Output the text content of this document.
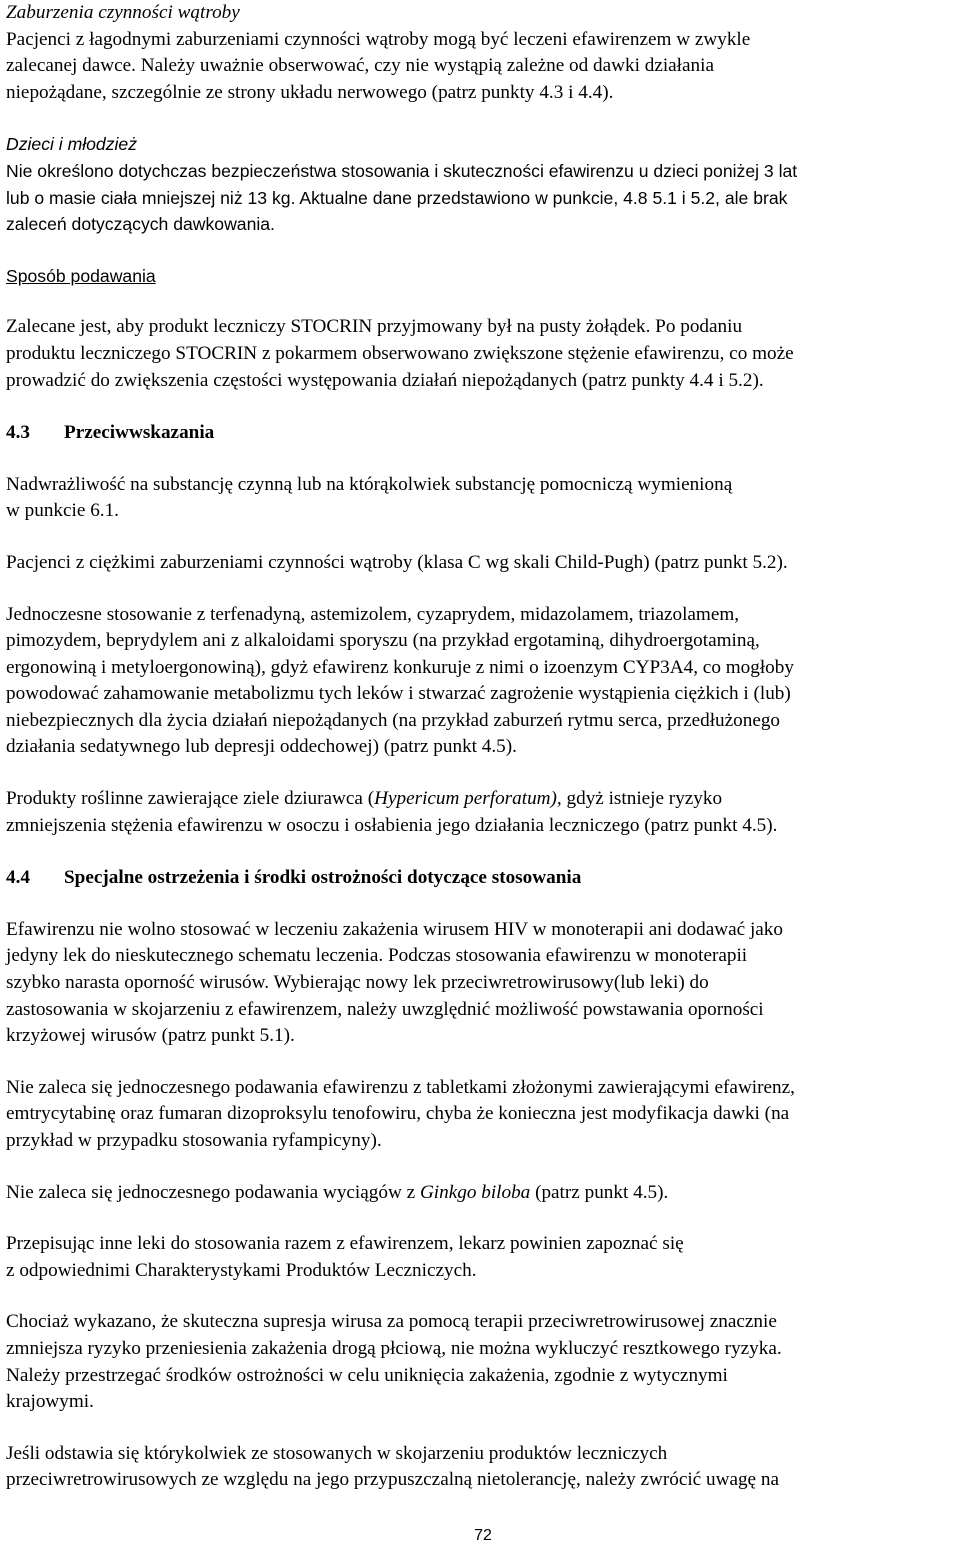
Zaburzenia czynności wątroby
Pacjenci z łagodnymi zaburzeniami czynności wątroby mogą być leczeni efawirenzem w zwykle
zalecanej dawce. Należy uważnie obserwować, czy nie wystąpią zależne od dawki działania
niepożądane, szczególnie ze strony układu nerwowego (patrz punkty 4.3 i 4.4).
Dzieci i młodzież
Nie określono dotychczas bezpieczeństwa stosowania i skuteczności efawirenzu u dzieci poniżej 3 lat
lub o masie ciała mniejszej niż 13 kg. Aktualne dane przedstawiono w punkcie, 4.8 5.1 i 5.2, ale brak
zaleceń dotyczących dawkowania.
Sposób podawania
Zalecane jest, aby produkt leczniczy STOCRIN przyjmowany był na pusty żołądek. Po podaniu
produktu leczniczego STOCRIN z pokarmem obserwowano zwiększone stężenie efawirenzu, co może
prowadzić do zwiększenia częstości występowania działań niepożądanych (patrz punkty 4.4 i 5.2).
4.3	Przeciwwskazania
Nadwrażliwość na substancję czynną lub na którąkolwiek substancję pomocniczą wymienioną
w punkcie 6.1.
Pacjenci z ciężkimi zaburzeniami czynności wątroby (klasa C wg skali Child-Pugh) (patrz punkt 5.2).
Jednoczesne stosowanie z terfenadyną, astemizolem, cyzaprydem, midazolamem, triazolamem,
pimozydem, beprydylem ani z alkaloidami sporyszu (na przykład ergotaminą, dihydroergotaminą,
ergonowiną i metyloergonowiną), gdyż efawirenz konkuruje z nimi o izoenzym CYP3A4, co mogłoby
powodować zahamowanie metabolizmu tych leków i stwarzać zagrożenie wystąpienia ciężkich i (lub)
niebezpiecznych dla życia działań niepożądanych (na przykład zaburzeń rytmu serca, przedłużonego
działania sedatywnego lub depresji oddechowej) (patrz punkt 4.5).
Produkty roślinne zawierające ziele dziurawca (Hypericum perforatum), gdyż istnieje ryzyko
zmniejszenia stężenia efawirenzu w osoczu i osłabienia jego działania leczniczego (patrz punkt 4.5).
4.4	Specjalne ostrzeżenia i środki ostrożności dotyczące stosowania
Efawirenzu nie wolno stosować w leczeniu zakażenia wirusem HIV w monoterapii ani dodawać jako
jedyny lek do nieskutecznego schematu leczenia. Podczas stosowania efawirenzu w monoterapii
szybko narasta oporność wirusów. Wybierając nowy lek przeciwretrowirusowy(lub leki) do
zastosowania w skojarzeniu z efawirenzem, należy uwzględnić możliwość powstawania oporności
krzyżowej wirusów (patrz punkt 5.1).
Nie zaleca się jednoczesnego podawania efawirenzu z tabletkami złożonymi zawierającymi efawirenz,
emtrycytabinę oraz fumaran dizoproksylu tenofowiru, chyba że konieczna jest modyfikacja dawki (na
przykład w przypadku stosowania ryfampicyny).
Nie zaleca się jednoczesnego podawania wyciągów z Ginkgo biloba (patrz punkt 4.5).
Przepisując inne leki do stosowania razem z efawirenzem, lekarz powinien zapoznać się
z odpowiednimi Charakterystykami Produktów Leczniczych.
Chociaż wykazano, że skuteczna supresja wirusa za pomocą terapii przeciwretrowirusowej znacznie
zmniejsza ryzyko przeniesienia zakażenia drogą płciową, nie można wykluczyć resztkowego ryzyka.
Należy przestrzegać środków ostrożności w celu uniknięcia zakażenia, zgodnie z wytycznymi
krajowymi.
Jeśli odstawia się którykolwiek ze stosowanych w skojarzeniu produktów leczniczych
przeciwretrowirusowych ze względu na jego przypuszczalną nietolerancję, należy zwrócić uwagę na
72
